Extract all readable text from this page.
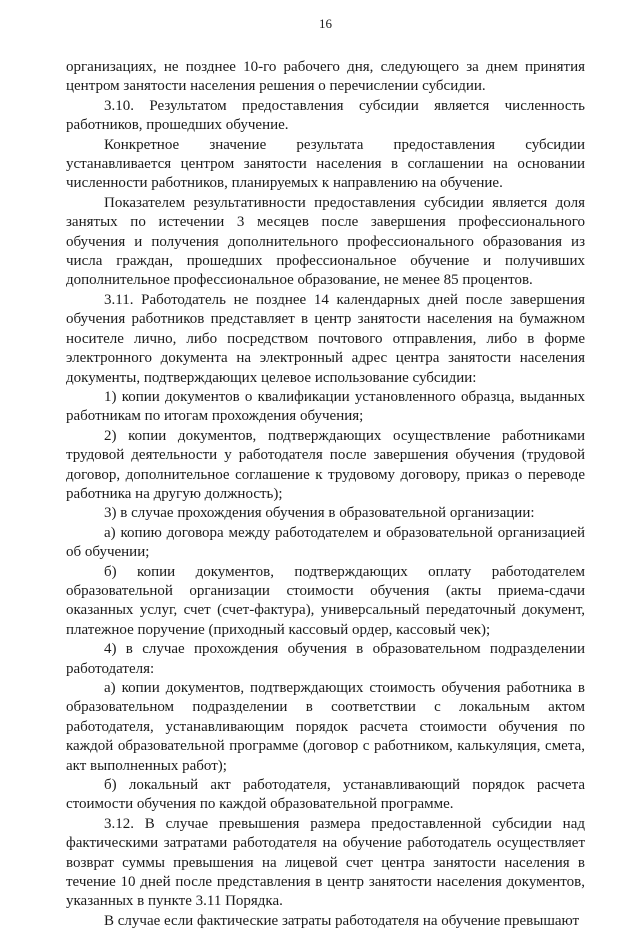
16

организациях, не позднее 10-го рабочего дня, следующего за днем принятия центром занятости населения решения о перечислении субсидии.

3.10. Результатом предоставления субсидии является численность работников, прошедших обучение.

Конкретное значение результата предоставления субсидии устанавливается центром занятости населения в соглашении на основании численности работников, планируемых к направлению на обучение.

Показателем результативности предоставления субсидии является доля занятых по истечении 3 месяцев после завершения профессионального обучения и получения дополнительного профессионального образования из числа граждан, прошедших профессиональное обучение и получивших дополнительное профессиональное образование, не менее 85 процентов.

3.11. Работодатель не позднее 14 календарных дней после завершения обучения работников представляет в центр занятости населения на бумажном носителе лично, либо посредством почтового отправления, либо в форме электронного документа на электронный адрес центра занятости населения документы, подтверждающих целевое использование субсидии:

1) копии документов о квалификации установленного образца, выданных работникам по итогам прохождения обучения;

2) копии документов, подтверждающих осуществление работниками трудовой деятельности у работодателя после завершения обучения (трудовой договор, дополнительное соглашение к трудовому договору, приказ о переводе работника на другую должность);

3) в случае прохождения обучения в образовательной организации:

а) копию договора между работодателем и образовательной организацией об обучении;

б) копии документов, подтверждающих оплату работодателем образовательной организации стоимости обучения (акты приема-сдачи оказанных услуг, счет (счет-фактура), универсальный передаточный документ, платежное поручение (приходный кассовый ордер, кассовый чек);

4) в случае прохождения обучения в образовательном подразделении работодателя:

а) копии документов, подтверждающих стоимость обучения работника в образовательном подразделении в соответствии с локальным актом работодателя, устанавливающим порядок расчета стоимости обучения по каждой образовательной программе (договор с работником, калькуляция, смета, акт выполненных работ);

б) локальный акт работодателя, устанавливающий порядок расчета стоимости обучения по каждой образовательной программе.

3.12. В случае превышения размера предоставленной субсидии над фактическими затратами работодателя на обучение работодатель осуществляет возврат суммы превышения на лицевой счет центра занятости населения в течение 10 дней после представления в центр занятости населения документов, указанных в пункте 3.11 Порядка.

В случае если фактические затраты работодателя на обучение превышают
